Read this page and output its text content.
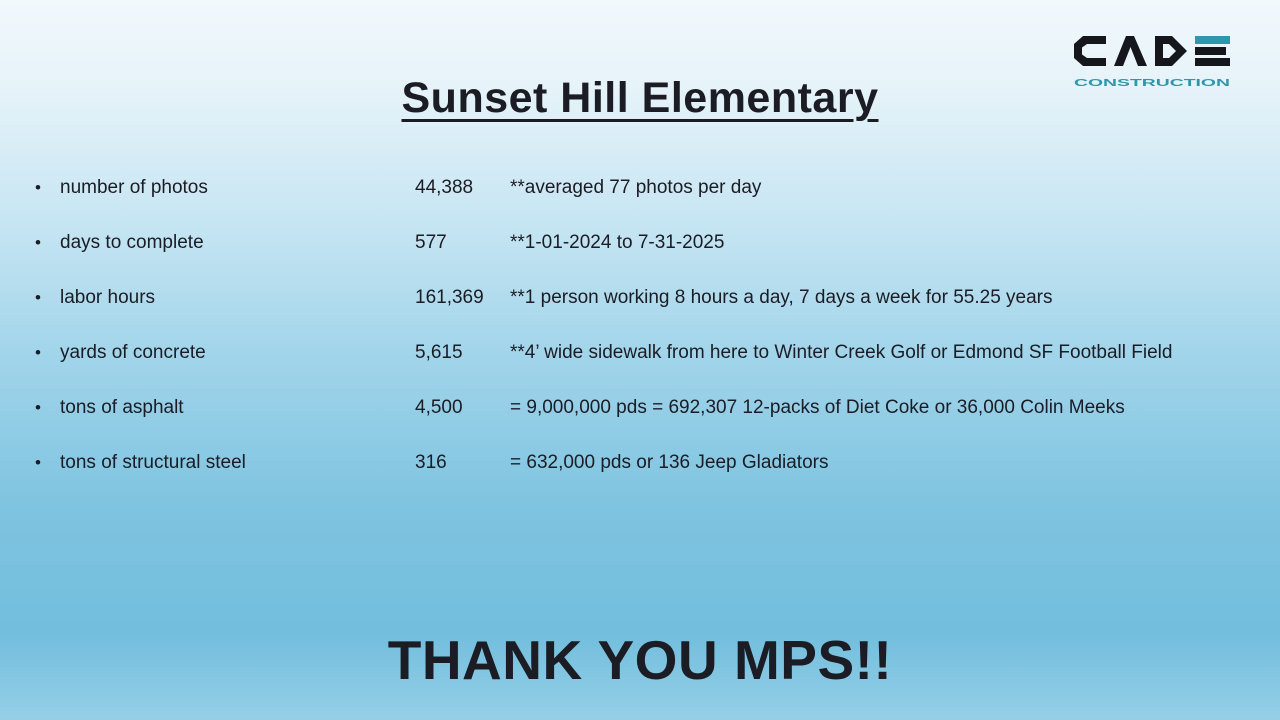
CONSTRUCTION
Sunset Hill Elementary
•	number of photos	44,388	**averaged 77 photos per day
•	days to complete	577	**1-01-2024 to 7-31-2025
•	labor hours	161,369	**1 person working 8 hours a day, 7 days a week for 55.25 years
•	yards of concrete	5,615	**4’ wide sidewalk from here to Winter Creek Golf or Edmond SF Football Field
•	tons of asphalt	4,500	= 9,000,000 pds = 692,307 12-packs of Diet Coke or 36,000 Colin Meeks
•	tons of structural steel	316	= 632,000 pds or 136 Jeep Gladiators
THANK YOU MPS!!
